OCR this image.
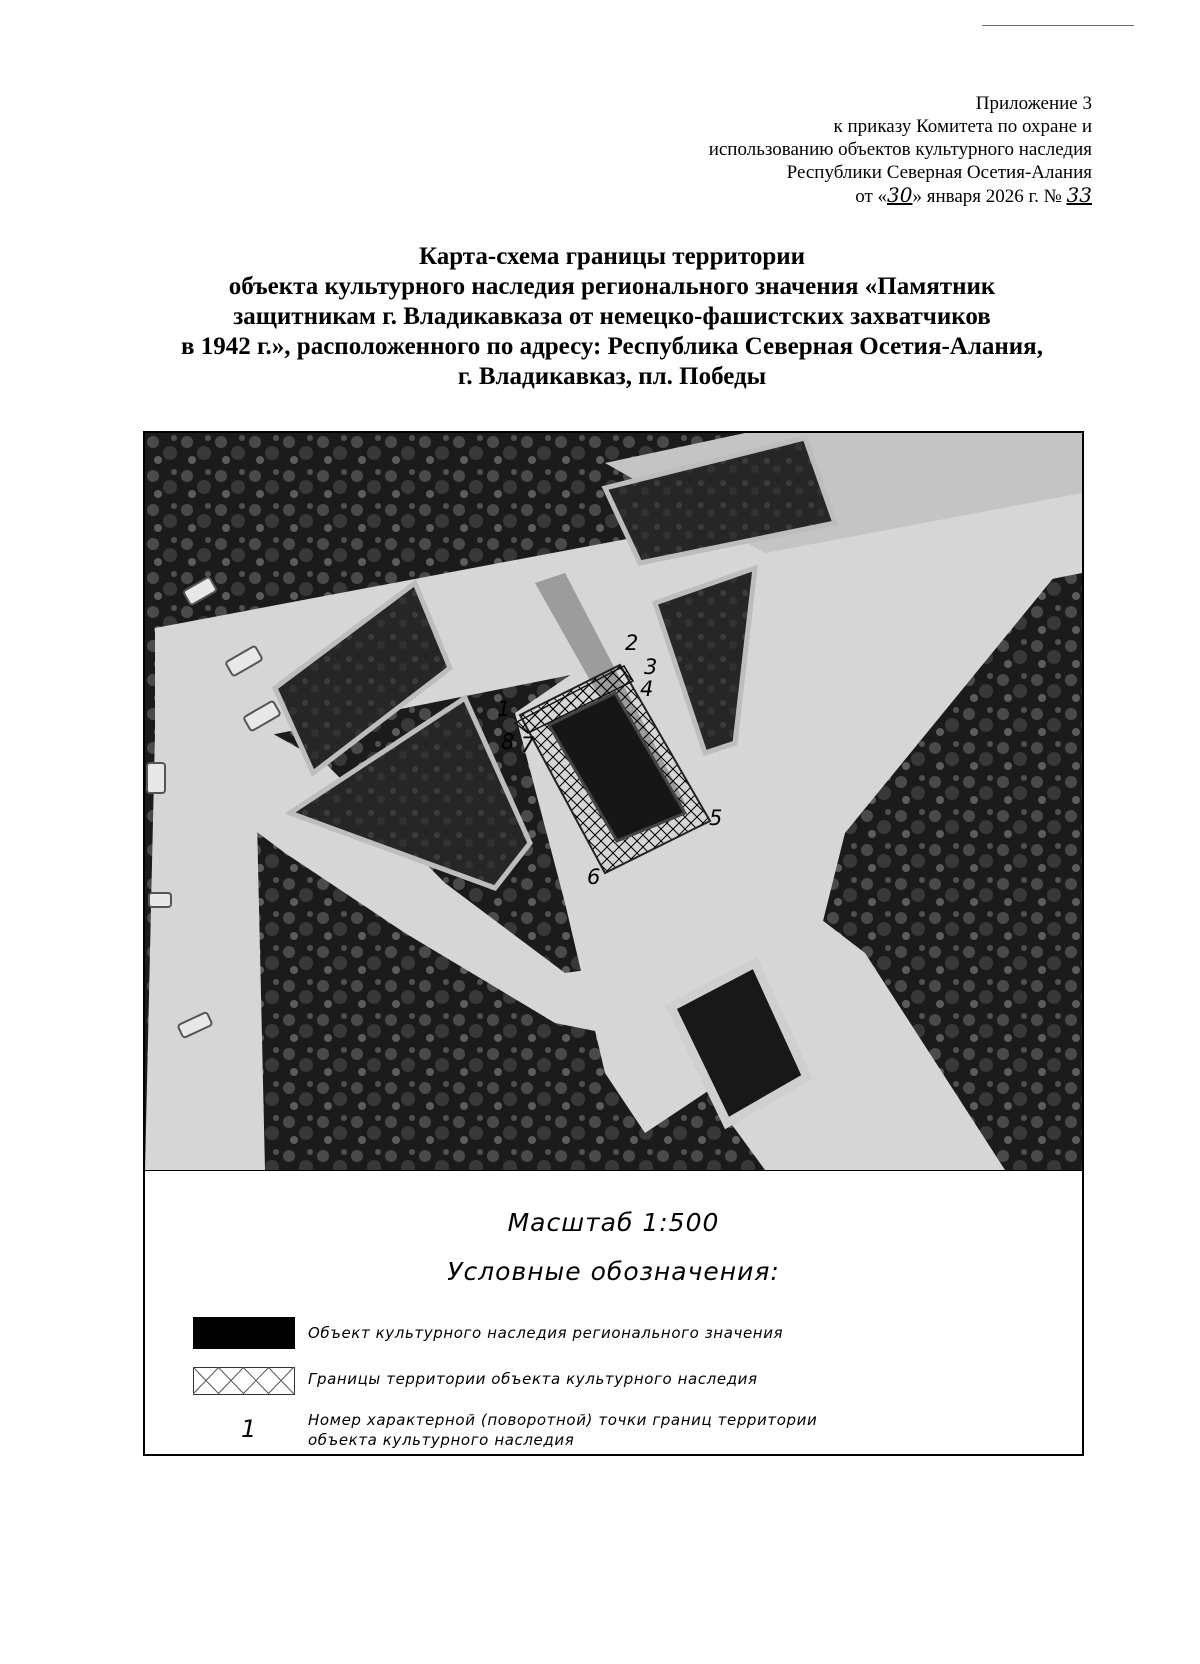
Приложение 3
к приказу Комитета по охране и
использованию объектов культурного наследия
Республики Северная Осетия-Алания
от «30» января 2026 г. № 33
Карта-схема границы территории
объекта культурного наследия регионального значения «Памятник
защитникам г. Владикавказа от немецко-фашистских захватчиков
в 1942 г.», расположенного по адресу: Республика Северная Осетия-Алания,
г. Владикавказ, пл. Победы
1
2
3
4
5
6
7
8
Масштаб 1:500
Условные обозначения:
Объект культурного наследия регионального значения
Границы территории объекта культурного наследия
1	Номер характерной (поворотной) точки границ территории
объекта культурного наследия
